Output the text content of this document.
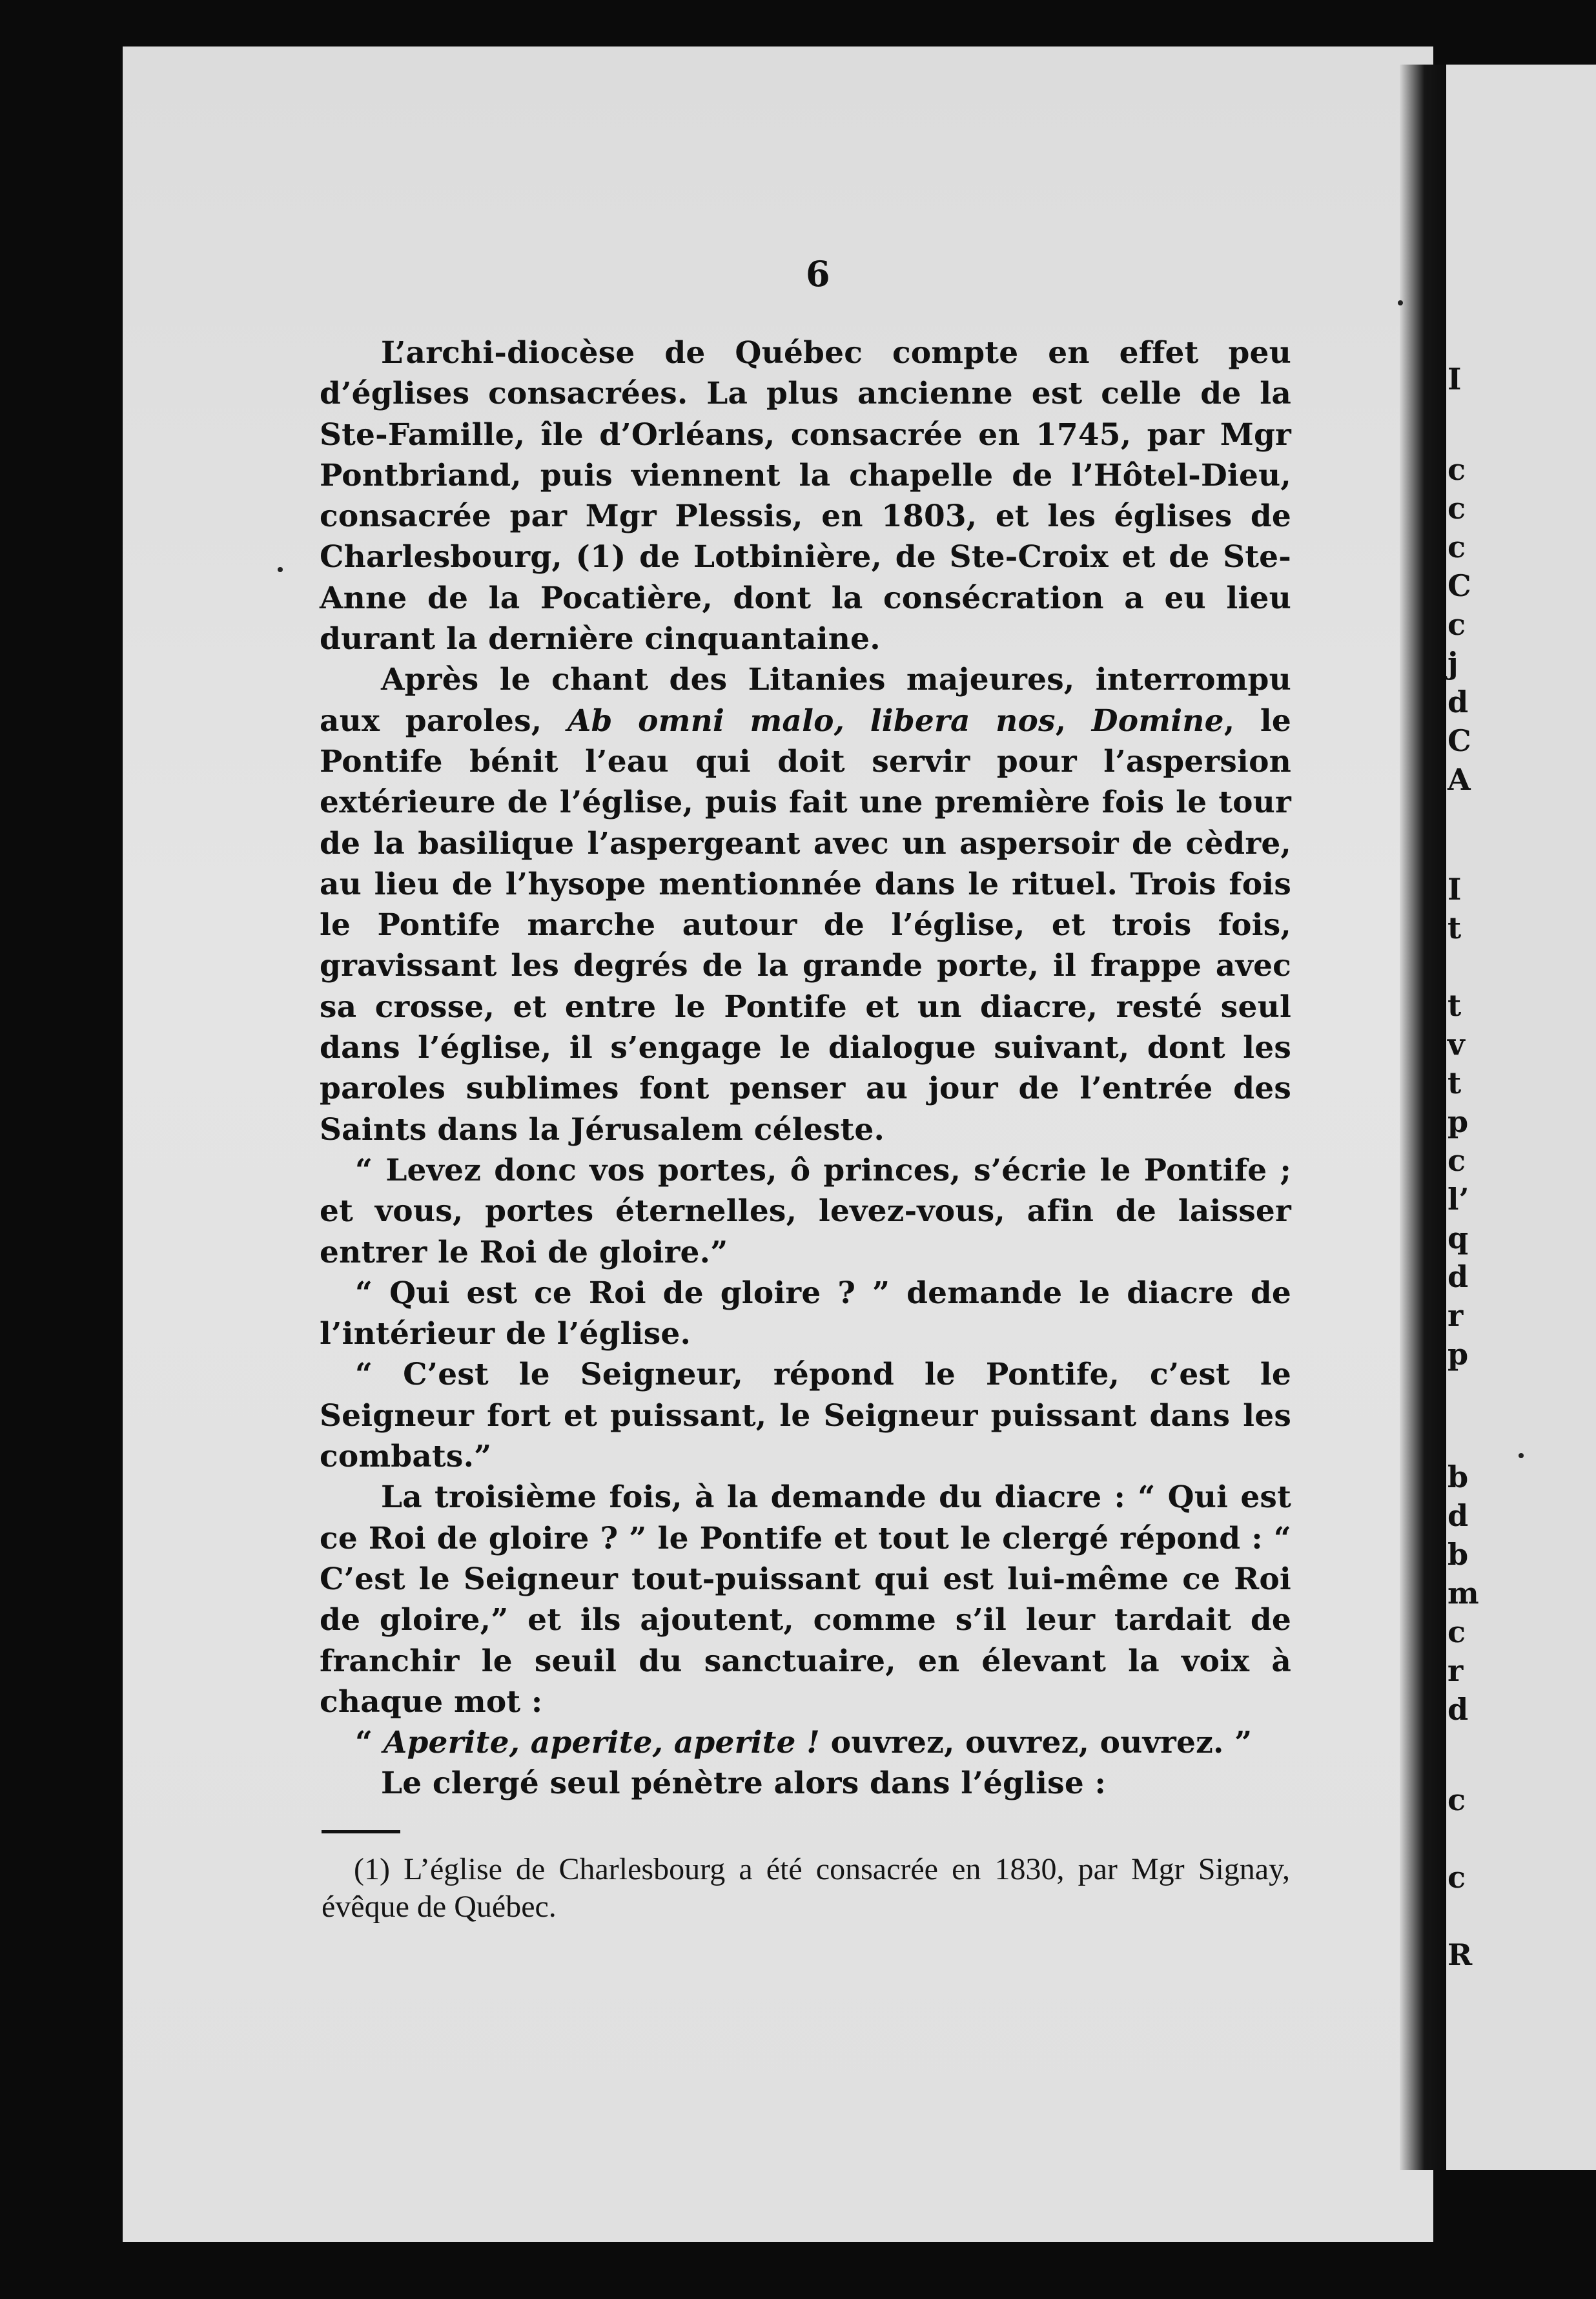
6

L’archi-diocèse de Québec compte en effet peu d’églises consacrées. La plus ancienne est celle de la Ste-Famille, île d’Orléans, consacrée en 1745, par Mgr Pontbriand, puis viennent la chapelle de l’Hôtel-Dieu, consacrée par Mgr Plessis, en 1803, et les églises de Charlesbourg, (1) de Lotbinière, de Ste-Croix et de Ste-Anne de la Pocatière, dont la consécration a eu lieu durant la dernière cinquantaine.

Après le chant des Litanies majeures, interrompu aux paroles, Ab omni malo, libera nos, Domine, le Pontife bénit l’eau qui doit servir pour l’aspersion extérieure de l’église, puis fait une première fois le tour de la basilique l’aspergeant avec un aspersoir de cèdre, au lieu de l’hysope mentionnée dans le rituel. Trois fois le Pontife marche autour de l’église, et trois fois, gravissant les degrés de la grande porte, il frappe avec sa crosse, et entre le Pontife et un diacre, resté seul dans l’église, il s’engage le dialogue suivant, dont les paroles sublimes font penser au jour de l’entrée des Saints dans la Jérusalem céleste.

“ Levez donc vos portes, ô princes, s’écrie le Pontife ; et vous, portes éternelles, levez-vous, afin de laisser entrer le Roi de gloire.”

“ Qui est ce Roi de gloire ? ” demande le diacre de l’intérieur de l’église.

“ C’est le Seigneur, répond le Pontife, c’est le Seigneur fort et puissant, le Seigneur puissant dans les combats.”

La troisième fois, à la demande du diacre : “ Qui est ce Roi de gloire ? ” le Pontife et tout le clergé répond : “ C’est le Seigneur tout-puissant qui est lui-même ce Roi de gloire,” et ils ajoutent, comme s’il leur tardait de franchir le seuil du sanctuaire, en élevant la voix à chaque mot :

“ Aperite, aperite, aperite ! ouvrez, ouvrez, ouvrez. ”

Le clergé seul pénètre alors dans l’église :

(1) L’église de Charlesbourg a été consacrée en 1830, par Mgr Signay, évêque de Québec.

I
c
c
c
C
c
j
d
C
A
I
t
t
v
t
p
c
l’
q
d
r
p
b
d
b
m
c
r
d
c
c
R
